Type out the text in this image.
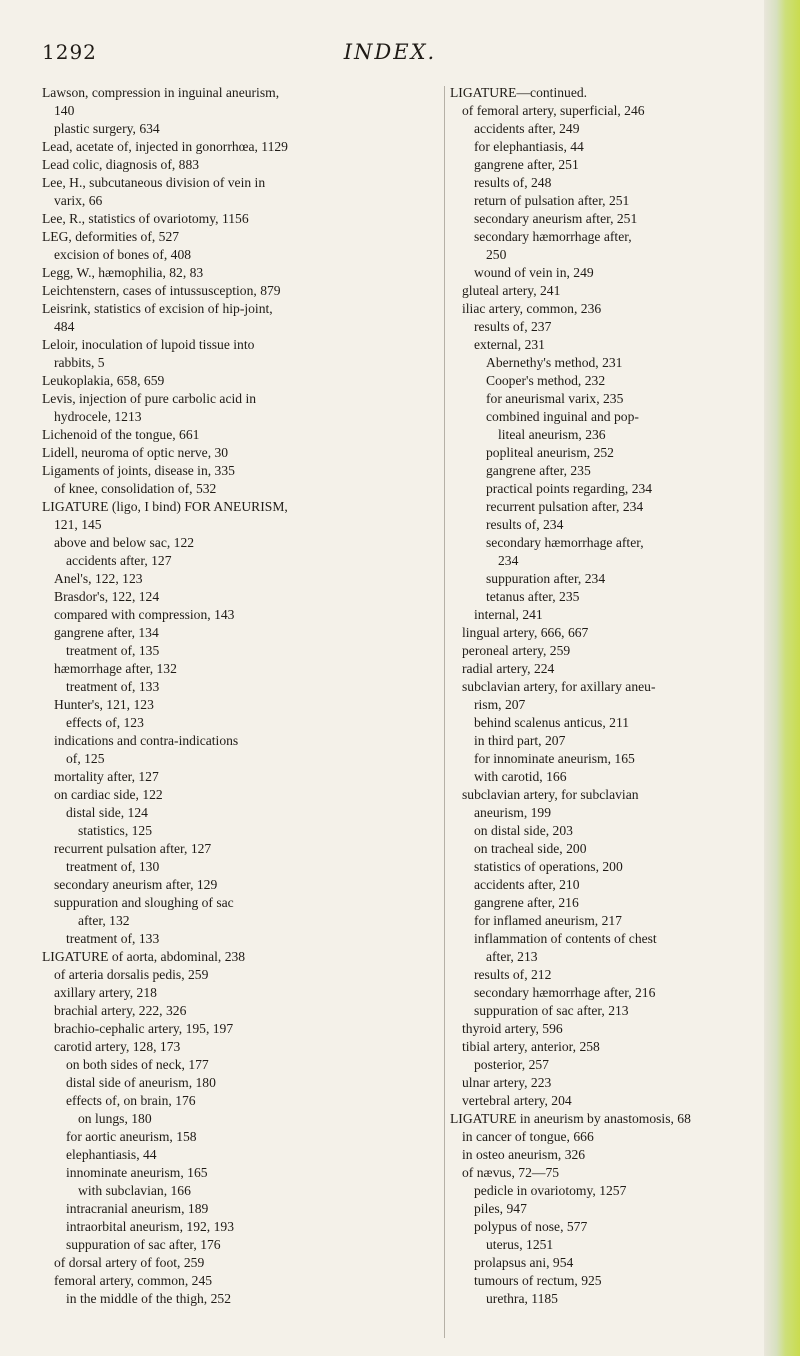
1292	INDEX.
Lawson, compression in inguinal aneurism,
140
plastic surgery, 634
Lead, acetate of, injected in gonorrhœa, 1129
Lead colic, diagnosis of, 883
Lee, H., subcutaneous division of vein in
varix, 66
Lee, R., statistics of ovariotomy, 1156
LEG, deformities of, 527
excision of bones of, 408
Legg, W., hæmophilia, 82, 83
Leichtenstern, cases of intussusception, 879
Leisrink, statistics of excision of hip-joint,
484
Leloir, inoculation of lupoid tissue into
rabbits, 5
Leukoplakia, 658, 659
Levis, injection of pure carbolic acid in
hydrocele, 1213
Lichenoid of the tongue, 661
Lidell, neuroma of optic nerve, 30
Ligaments of joints, disease in, 335
of knee, consolidation of, 532
LIGATURE (ligo, I bind) FOR ANEURISM,
121, 145
above and below sac, 122
accidents after, 127
Anel's, 122, 123
Brasdor's, 122, 124
compared with compression, 143
gangrene after, 134
treatment of, 135
hæmorrhage after, 132
treatment of, 133
Hunter's, 121, 123
effects of, 123
indications and contra-indications
of, 125
mortality after, 127
on cardiac side, 122
distal side, 124
statistics, 125
recurrent pulsation after, 127
treatment of, 130
secondary aneurism after, 129
suppuration and sloughing of sac
after, 132
treatment of, 133
LIGATURE of aorta, abdominal, 238
of arteria dorsalis pedis, 259
axillary artery, 218
brachial artery, 222, 326
brachio-cephalic artery, 195, 197
carotid artery, 128, 173
on both sides of neck, 177
distal side of aneurism, 180
effects of, on brain, 176
on lungs, 180
for aortic aneurism, 158
elephantiasis, 44
innominate aneurism, 165
with subclavian, 166
intracranial aneurism, 189
intraorbital aneurism, 192, 193
suppuration of sac after, 176
of dorsal artery of foot, 259
femoral artery, common, 245
in the middle of the thigh, 252
LIGATURE—continued.
of femoral artery, superficial, 246
accidents after, 249
for elephantiasis, 44
gangrene after, 251
results of, 248
return of pulsation after, 251
secondary aneurism after, 251
secondary hæmorrhage after,
250
wound of vein in, 249
gluteal artery, 241
iliac artery, common, 236
results of, 237
external, 231
Abernethy's method, 231
Cooper's method, 232
for aneurismal varix, 235
combined inguinal and pop-
liteal aneurism, 236
popliteal aneurism, 252
gangrene after, 235
practical points regarding, 234
recurrent pulsation after, 234
results of, 234
secondary hæmorrhage after,
234
suppuration after, 234
tetanus after, 235
internal, 241
lingual artery, 666, 667
peroneal artery, 259
radial artery, 224
subclavian artery, for axillary aneu-
rism, 207
behind scalenus anticus, 211
in third part, 207
for innominate aneurism, 165
with carotid, 166
subclavian artery, for subclavian
aneurism, 199
on distal side, 203
on tracheal side, 200
statistics of operations, 200
accidents after, 210
gangrene after, 216
for inflamed aneurism, 217
inflammation of contents of chest
after, 213
results of, 212
secondary hæmorrhage after, 216
suppuration of sac after, 213
thyroid artery, 596
tibial artery, anterior, 258
posterior, 257
ulnar artery, 223
vertebral artery, 204
LIGATURE in aneurism by anastomosis, 68
in cancer of tongue, 666
in osteo aneurism, 326
of nævus, 72—75
pedicle in ovariotomy, 1257
piles, 947
polypus of nose, 577
uterus, 1251
prolapsus ani, 954
tumours of rectum, 925
urethra, 1185
